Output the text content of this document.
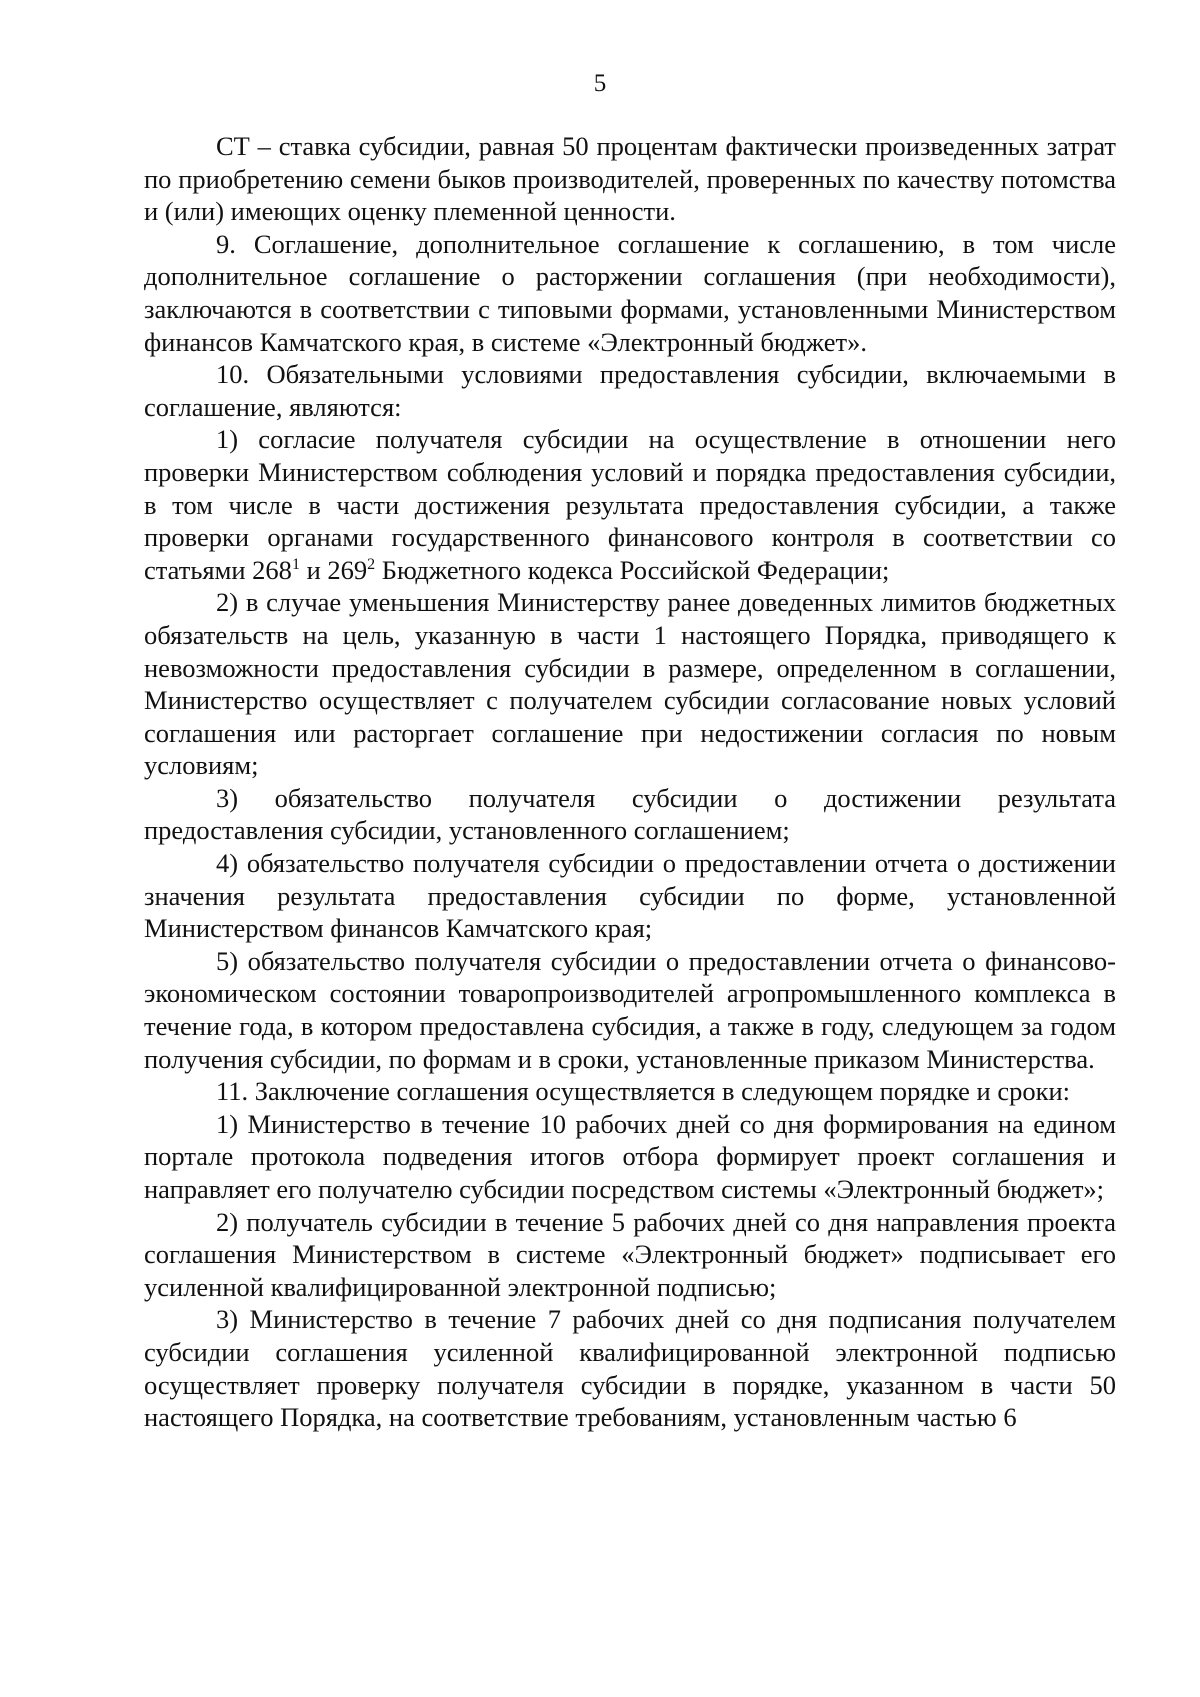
5

СТ – ставка субсидии, равная 50 процентам фактически произведенных затрат по приобретению семени быков производителей, проверенных по качеству потомства и (или) имеющих оценку племенной ценности.

9. Соглашение, дополнительное соглашение к соглашению, в том числе дополнительное соглашение о расторжении соглашения (при необходимости), заключаются в соответствии с типовыми формами, установленными Министерством финансов Камчатского края, в системе «Электронный бюджет».

10. Обязательными условиями предоставления субсидии, включаемыми в соглашение, являются:

1) согласие получателя субсидии на осуществление в отношении него проверки Министерством соблюдения условий и порядка предоставления субсидии, в том числе в части достижения результата предоставления субсидии, а также проверки органами государственного финансового контроля в соответствии со статьями $268^1$ и $269^2$ Бюджетного кодекса Российской Федерации;

2) в случае уменьшения Министерству ранее доведенных лимитов бюджетных обязательств на цель, указанную в части 1 настоящего Порядка, приводящего к невозможности предоставления субсидии в размере, определенном в соглашении, Министерство осуществляет с получателем субсидии согласование новых условий соглашения или расторгает соглашение при недостижении согласия по новым условиям;

3) обязательство получателя субсидии о достижении результата предоставления субсидии, установленного соглашением;

4) обязательство получателя субсидии о предоставлении отчета о достижении значения результата предоставления субсидии по форме, установленной Министерством финансов Камчатского края;

5) обязательство получателя субсидии о предоставлении отчета о финансово-экономическом состоянии товаропроизводителей агропромышленного комплекса в течение года, в котором предоставлена субсидия, а также в году, следующем за годом получения субсидии, по формам и в сроки, установленные приказом Министерства.

11. Заключение соглашения осуществляется в следующем порядке и сроки:

1) Министерство в течение 10 рабочих дней со дня формирования на едином портале протокола подведения итогов отбора формирует проект соглашения и направляет его получателю субсидии посредством системы «Электронный бюджет»;

2) получатель субсидии в течение 5 рабочих дней со дня направления проекта соглашения Министерством в системе «Электронный бюджет» подписывает его усиленной квалифицированной электронной подписью;

3) Министерство в течение 7 рабочих дней со дня подписания получателем субсидии соглашения усиленной квалифицированной электронной подписью осуществляет проверку получателя субсидии в порядке, указанном в части 50 настоящего Порядка, на соответствие требованиям, установленным частью 6
